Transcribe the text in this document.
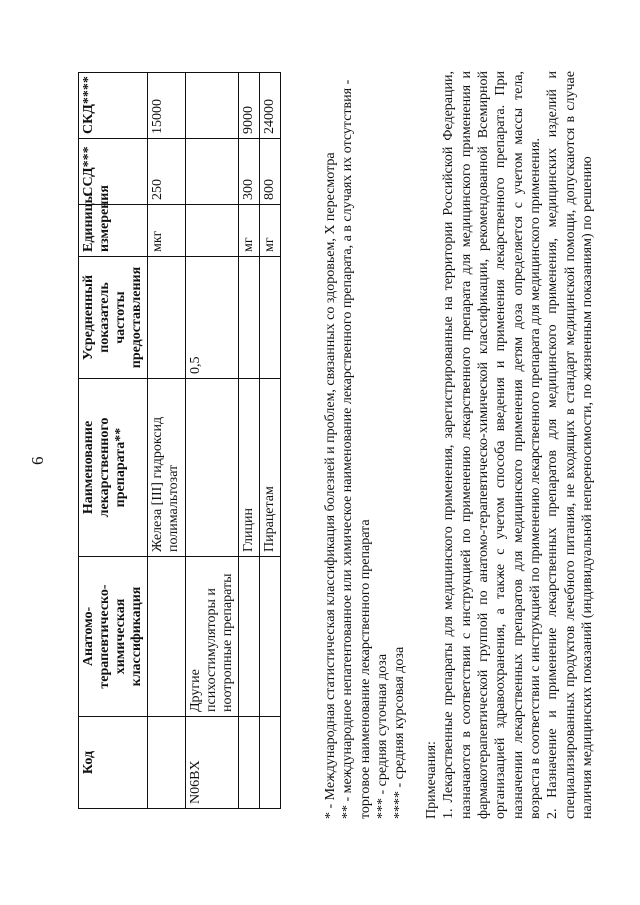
6
Код	Анатомо-терапевтическо-химическая классификация	Наименование лекарственного препарата**	Усредненный показатель частоты предоставления	Единицы измерения	ССД***	СКД****
		Железа [III] гидроксид полимальтозат		мкг	250	15000
N06BX	Другие психостимуляторы и ноотропные препараты		0,5			
		Глицин		мг	300	9000
		Пирацетам		мг	800	24000

* - Международная статистическая классификация болезней и проблем, связанных со здоровьем, X пересмотра ** - международное непатентованное или химическое наименование лекарственного препарата, а в случаях их отсутствия - торговое наименование лекарственного препарата *** - средняя суточная доза **** - средняя курсовая доза Примечания: 1. Лекарственные препараты для медицинского применения, зарегистрированные на территории Российской Федерации, назначаются в соответствии с инструкцией по применению лекарственного препарата для медицинского применения и фармакотерапевтической группой по анатомо-терапевтическо-химической классификации, рекомендованной Всемирной организацией здравоохранения, а также с учетом способа введения и применения лекарственного препарата. При назначении лекарственных препаратов для медицинского применения детям доза определяется с учетом массы тела, возраста в соответствии с инструкцией по применению лекарственного препарата для медицинского применения. 2. Назначение и применение лекарственных препаратов для медицинского применения, медицинских изделий и специализированных продуктов лечебного питания, не входящих в стандарт медицинской помощи, допускаются в случае наличия медицинских показаний (индивидуальной непереносимости, по жизненным показаниям) по решению
